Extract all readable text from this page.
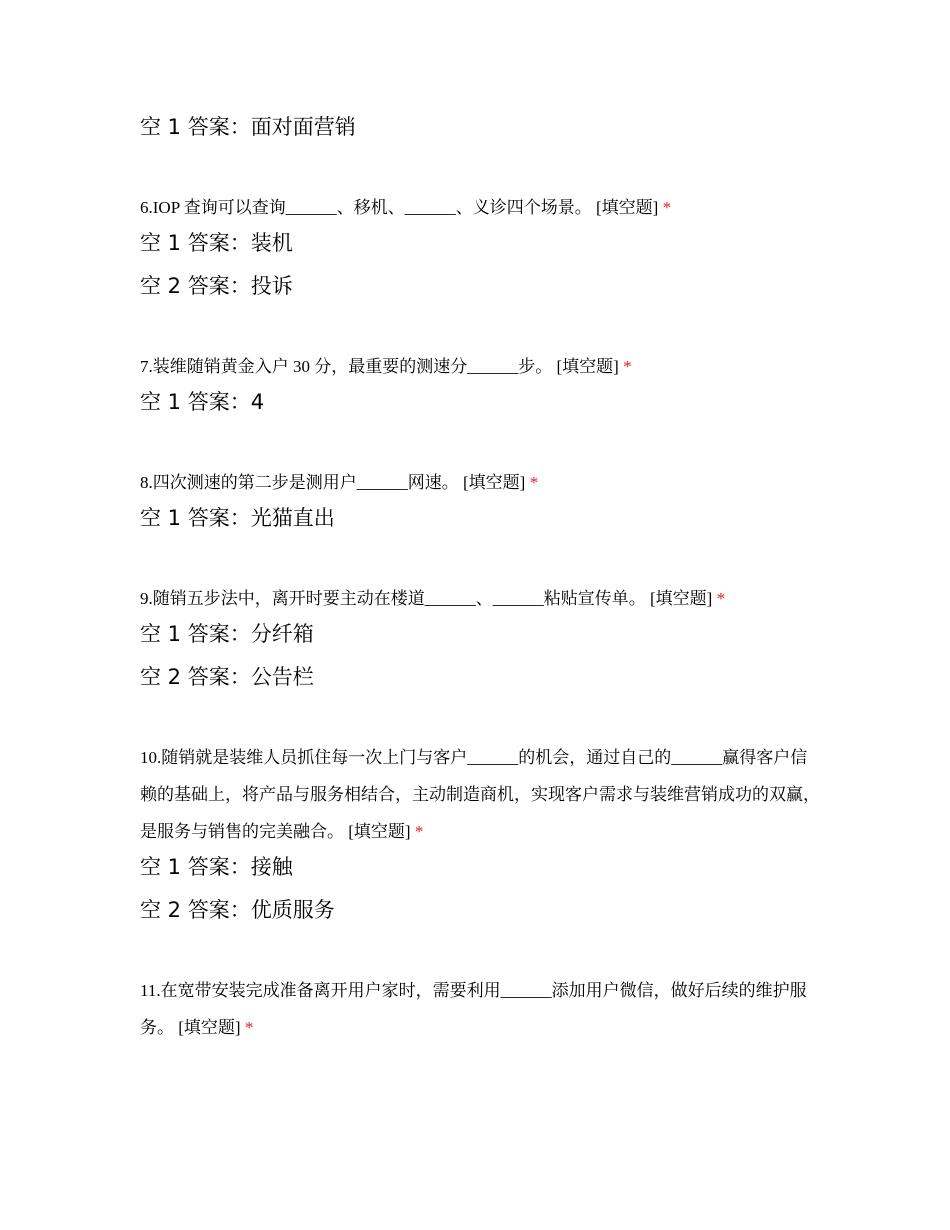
空 1 答案：面对面营销

6.IOP 查询可以查询______、移机、______、义诊四个场景。 [填空题] *

空 1 答案：装机

空 2 答案：投诉

7.装维随销黄金入户 30 分，最重要的测速分______步。 [填空题] *

空 1 答案：4

8.四次测速的第二步是测用户______网速。 [填空题] *

空 1 答案：光猫直出

9.随销五步法中，离开时要主动在楼道______、______粘贴宣传单。 [填空题] *

空 1 答案：分纤箱

空 2 答案：公告栏

10.随销就是装维人员抓住每一次上门与客户______的机会，通过自己的______赢得客户信赖的基础上，将产品与服务相结合，主动制造商机，实现客户需求与装维营销成功的双赢，是服务与销售的完美融合。 [填空题] *

空 1 答案：接触

空 2 答案：优质服务

11.在宽带安装完成准备离开用户家时，需要利用______添加用户微信，做好后续的维护服务。 [填空题] *
